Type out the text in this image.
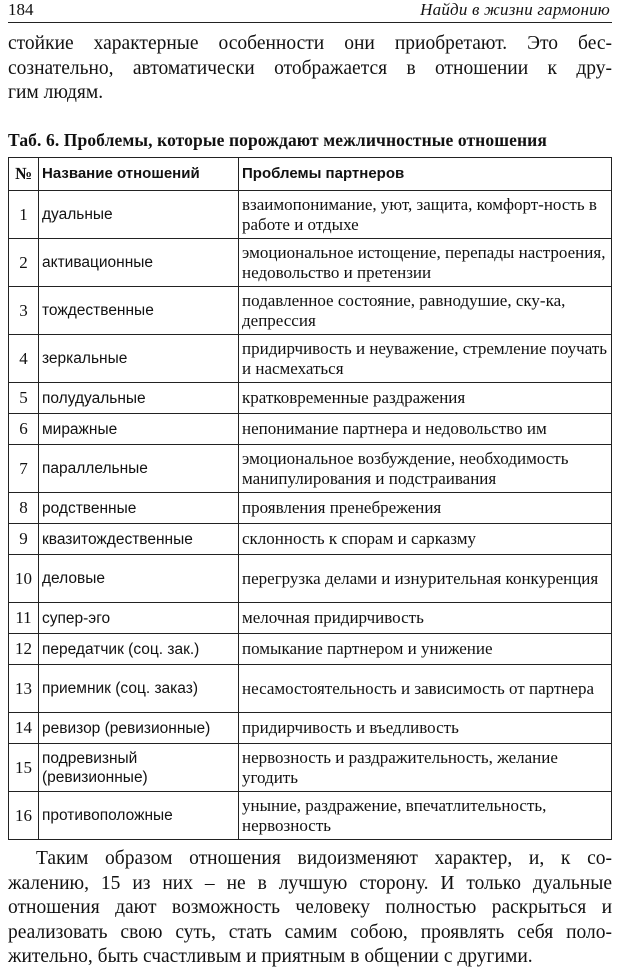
184	Найди в жизни гармонию
стойкие характерные особенности они приобретают. Это бес-
сознательно, автоматически отображается в отношении к дру-
гим людям.
Таб. 6. Проблемы, которые порождают межличностные отношения
№	Название отношений	Проблемы партнеров
1	дуальные	взаимопонимание, уют, защита, комфорт-ность в работе и отдыхе
2	активационные	эмоциональное истощение, перепады настроения, недовольство и претензии
3	тождественные	подавленное состояние, равнодушие, ску-ка, депрессия
4	зеркальные	придирчивость и неуважение, стремление поучать и насмехаться
5	полудуальные	кратковременные раздражения
6	миражные	непонимание партнера и недовольство им
7	параллельные	эмоциональное возбуждение, необходимость манипулирования и подстраивания
8	родственные	проявления пренебрежения
9	квазитождественные	склонность к спорам и сарказму
10	деловые	перегрузка делами и изнурительная конкуренция
11	супер-эго	мелочная придирчивость
12	передатчик (соц. зак.)	помыкание партнером и унижение
13	приемник (соц. заказ)	несамостоятельность и зависимость от партнера
14	ревизор (ревизионные)	придирчивость и въедливость
15	подревизный (ревизионные)	нервозность и раздражительность, желание угодить
16	противоположные	уныние, раздражение, впечатлительность, нервозность
Таким образом отношения видоизменяют характер, и, к со-
жалению, 15 из них – не в лучшую сторону. И только дуальные
отношения дают возможность человеку полностью раскрыться и
реализовать свою суть, стать самим собою, проявлять себя поло-
жительно, быть счастливым и приятным в общении с другими.
